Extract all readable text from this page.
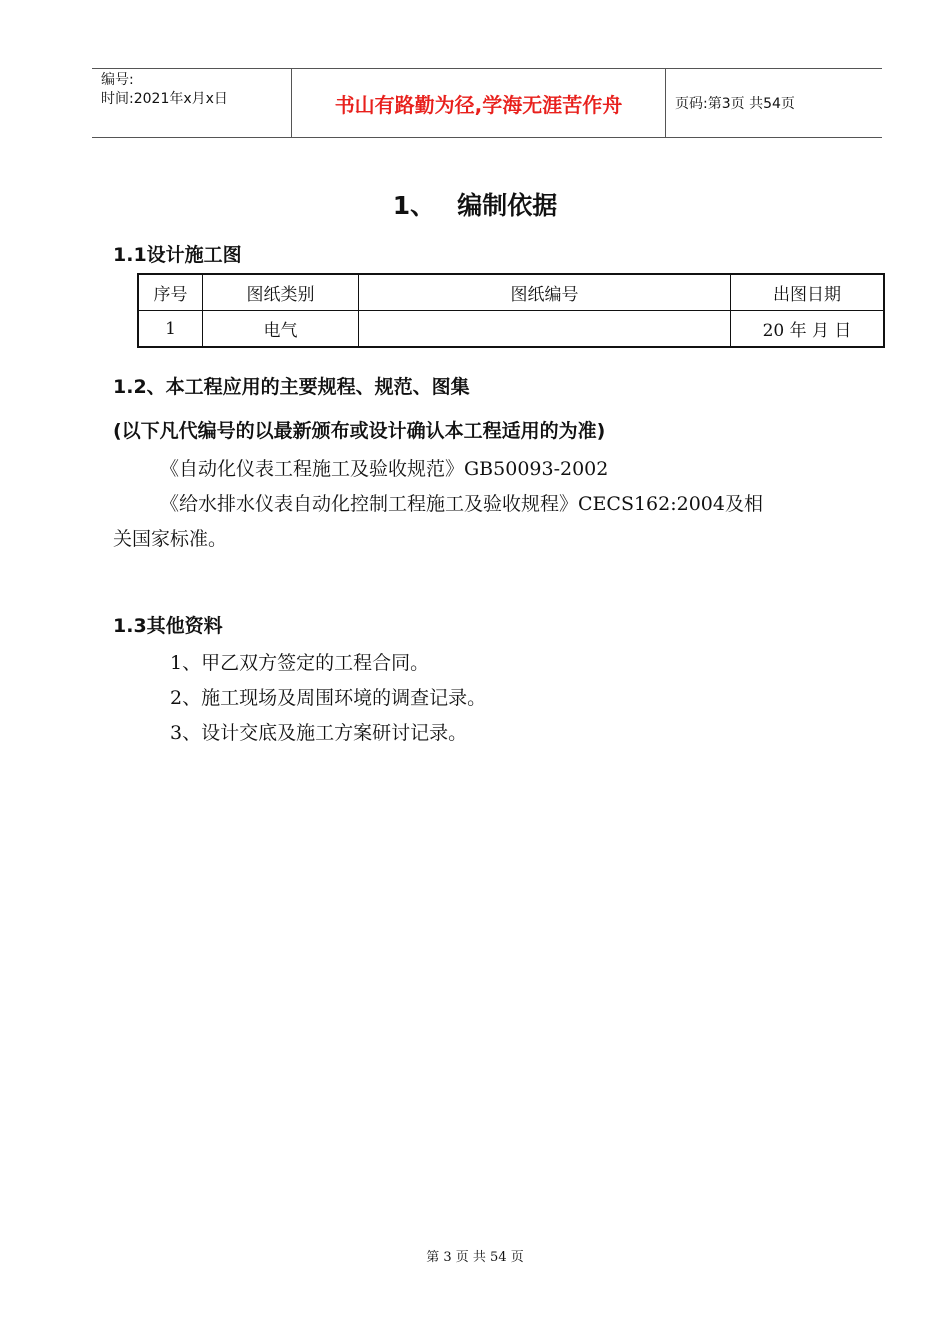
编号:
时间:2021年x月x日	书山有路勤为径,学海无涯苦作舟	页码:第3页 共54页
1、 编制依据
1.1设计施工图
序号	图纸类别	图纸编号	出图日期
1	电气		20 年 月 日
1.2、本工程应用的主要规程、规范、图集
(以下凡代编号的以最新颁布或设计确认本工程适用的为准)
《自动化仪表工程施工及验收规范》GB50093-2002
《给水排水仪表自动化控制工程施工及验收规程》CECS162:2004及相
关国家标准。
1.3其他资料
1、甲乙双方签定的工程合同。
2、施工现场及周围环境的调查记录。
3、设计交底及施工方案研讨记录。
第 3 页 共 54 页
